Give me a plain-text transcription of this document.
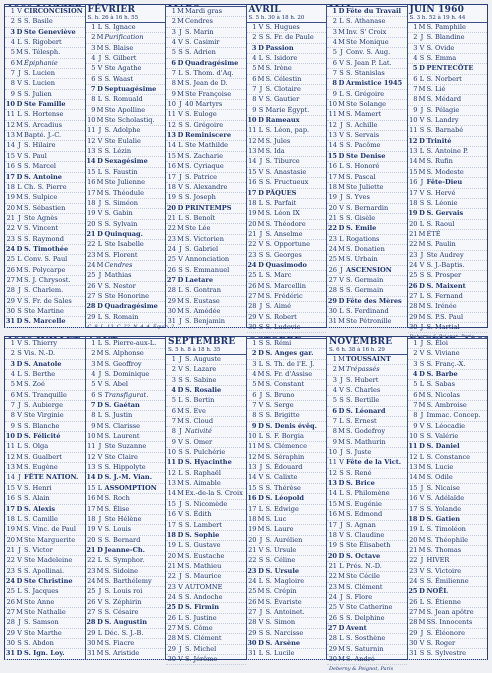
1 V CIRCONCISION
2 S S. Basile
3 D Ste Geneviève
4 L S. Rigobert
5 M S. Télesph.
6 M Épiphanie
7 J S. Lucien
8 V S. Lucien
9 S S. Julien
10 D Ste Famille
11 L S. Hortense
12 M S. Arcadius
13 M Bapté. J.-C.
14 J S. Hilaire
15 V S. Paul
16 S S. Marcel
17 D S. Antoine
18 L Ch. S. Pierre
19 M S. Sulpice
20 M S. Sébastien
21 J Ste Agnès
22 V S. Vincent
23 S S. Raymond
24 D S. Timothée
25 L Conv. S. Paul
26 M S. Polycarpe
27 M S. J. Chrysost.
28 J S. Charlem.
29 V S. Fr. de Sales
30 S Ste Martine
31 D S. Marcelle
FÉVRIER
S. h. 26 à 16 h. 55
1 L S. Ignace
2 M Purification
3 M S. Blaise
4 J S. Gilbert
5 V Ste Agathe
6 S S. Waast
7 D Septuagésime
8 L S. Romuald
9 M Ste Apolline
10 M Ste Scholastiq.
11 J S. Adolphe
12 V Ste Eulalie
13 S S. Lézin
14 D Sexagésime
15 L S. Faustin
16 M Ste Julienne
17 M S. Théodule
18 J S. Siméon
19 V S. Gabin
20 S S. Sylvain
21 D Quinquag.
22 L Ste Isabelle
23 M S. Florent
24 M Cendres
25 J Mathias
26 V S. Nestor
27 S Ste Honorine
28 D Quadragésime
29 L S. Romain
C. 9. L. 13. C. 22. N. 4. 4. Équin. 2
1 M Mardi gras
2 M Cendres
3 J S. Marin
4 V S. Casimir
5 S S. Adrien
6 D Quadragésime
7 L S. Thom. d'Aq.
8 M S. Jean de D.
9 M Ste Françoise
10 J 40 Martyrs
11 V S. Euloge
12 S S. Grégoire
13 D Reminiscere
14 L Ste Mathilde
15 M S. Zacharie
16 M S. Cyriaque
17 J S. Patrice
18 V S. Alexandre
19 S S. Joseph
20 D PRINTEMPS
21 L S. Benoît
22 M Ste Lée
23 M S. Victorien
24 J S. Gabriel
25 V Annonciation
26 S S. Emmanuel
27 D Laetare
28 L S. Gontran
29 M S. Eustase
30 M S. Amédée
31 J S. Benjamin
AVRIL
S. 5 h. 30 à 18 h. 20
1 V S. Hugues
2 S S. Fr. de Paule
3 D Passion
4 L S. Isidore
5 M S. Irène
6 M S. Célestin
7 J S. Clotaire
8 V S. Gautier
9 S Marie Égypt.
10 D Rameaux
11 L S. Léon, pap.
12 M S. Jules
13 M S. Ida
14 J S. Tiburce
15 V S. Anastasie
16 S S. Fructueux
17 D PÂQUES
18 L S. Parfait
19 M S. Léon IX
20 M S. Théodore
21 J S. Anselme
22 V S. Opportune
23 S S. Georges
24 D Quasimodo
25 L S. Marc
26 M S. Marcellin
27 M S. Frédéric
28 J S. Aimé
29 V S. Robert
30 S S. Ludovic
1 D Fête du Travail
2 L S. Athanase
3 M Inv. S' Croix
4 M Ste Monique
5 J Conv. S. Aug.
6 V S. Jean P. Lat.
7 S S. Stanislas
8 D Armistice 1945
9 L S. Grégoire
10 M Ste Solange
11 M S. Mamert
12 J S. Achille
13 V S. Servais
14 S S. Pacôme
15 D Ste Denise
16 L S. Honoré
17 M S. Pascal
18 M Ste Juliette
19 J S. Yves
20 V S. Bernardin
21 S S. Gisèle
22 D S. Emile
23 L Rogations
24 M S. Donatien
25 M S. Urbain
26 J ASCENSION
27 V S. Germain
28 S S. Germain
29 D Fête des Mères
30 L S. Ferdinand
31 M Ste Pétronille
JUIN 1960
S. 3 h. 52 à 19 h. 44
1 M S. Pamphile
2 J S. Blandine
3 V S. Ovide
4 S S. Emma
5 D PENTECÔTE
6 L S. Norbert
7 M S. Lié
8 M S. Médard
9 J S. Pélagie
10 V S. Landry
11 S S. Barnabé
12 D Trinité
13 L S. Antoine P.
14 M S. Rufin
15 M S. Modeste
16 J Fête-Dieu
17 V S. Hervé
18 S S. Léonie
19 D S. Gervais
20 L S. Raoul
21 M ÉTÉ
22 M S. Paulin
23 J Ste Audrey
24 V S. J.-Baptis.
25 S S. Prosper
26 D S. Maixent
27 L S. Fernand
28 M S. Irénée
29 M S. P.S. Paul
30 J S. Martial
1 V S. Thierry
2 S Vis. N.-D.
3 D S. Anatole
4 L S. Berthe
5 M S. Zoé
6 M S. Tranquille
7 J S. Aubierge
8 V Ste Virginie
9 S S. Blanche
10 D S. Félicité
11 L S. Olga
12 M S. Gualbert
13 M S. Eugène
14 J FÊTE NATION.
15 V S. Henri
16 S S. Alain
17 D S. Alexis
18 L S. Camille
19 M S. Vinc. de Paul
20 M Ste Marguerite
21 J S. Victor
22 V Ste Madeleine
23 S S. Apollinai.
24 D Ste Christine
25 L S. Jacques
26 M Ste Anne
27 M Ste Nathalie
28 J S. Samson
29 V Ste Marthe
30 S S. Abdon
31 D S. Ign. Loy.
1 L S. Pierre-aux-L.
2 M S. Alphonse
3 M S. Geoffroy
4 J S. Dominique
5 V S. Abel
6 S Transfigurat.
7 D S. Gaétan
8 L S. Justin
9 M S. Clarisse
10 M S. Laurent
11 J Ste Suzanne
12 V Ste Claire
13 S S. Hippolyte
14 D S. J.-M. Vian.
15 L ASSOMPTION
16 M S. Roch
17 M S. Élise
18 J Ste Hélène
19 V S. Louis
20 S S. Bernard
21 D Jeanne-Ch.
22 L S. Symphor.
23 M S. Sidoine
24 M S. Barthélemy
25 J S. Louis roi
26 V S. Zéphirin
27 S S. Césaire
28 D S. Augustin
29 L Déc. S. J.-B.
30 M S. Fiacre
31 M S. Aristide
SEPTEMBRE
S. 5 h. 8 à 18 h. 35
1 J S. Auguste
2 V S. Lazare
3 S S. Sabine
4 D S. Rosalie
5 L S. Bertin
6 M S. Eve
7 M S. Cloud
8 J Nativité
9 V S. Omer
10 S S. Pulchérie
11 D S. Hyacinthe
12 L S. Raphaël
13 M S. Aimable
14 M Ex.-de-la S. Croix
15 J S. Nicomède
16 V S. Édith
17 S S. Lambert
18 D S. Sophie
19 L S. Gustave
20 M S. Eustache
21 M S. Mathieu
22 J S. Maurice
23 V AUTOMNE
24 S S. Andoche
25 D S. Firmin
26 L S. Justine
27 M S. Côme
28 M S. Clément
29 J S. Michel
30 V S. Jérôme
1 S S. Rémi
2 D S. Anges gar.
3 L S. Th. de l'E. J.
4 M S. Fr. d'Assise
5 M S. Constant
6 J S. Bruno
7 V S. Serge
8 S S. Brigitte
9 D S. Denis évêq.
10 L S. F. Borgia
11 M S. Clémence
12 M S. Séraphin
13 J S. Édouard
14 V S. Calixte
15 S S. Thérèse
16 D S. Léopold
17 L S. Edwige
18 M S. Luc
19 M S. Laure
20 J S. Aurélien
21 V S. Ursule
22 S S. Céline
23 D S. Ursule
24 L S. Magloire
25 M S. Crépin
26 M S. Évariste
27 J S. Antoinet.
28 V S. Simon
29 S S. Narcisse
30 D S. Arsène
31 L S. Lucile
NOVEMBRE
S. 6 h. 38 à 16 h. 29
1 M TOUSSAINT
2 M Trépassés
3 J S. Hubert
4 V S. Charles
5 S S. Bertille
6 D S. Léonard
7 L S. Ernest
8 M S. Godefroy
9 M S. Mathurin
10 J S. Juste
11 V Fête de la Vict.
12 S S. René
13 D S. Brice
14 L S. Philomène
15 M S. Eugénie
16 M S. Edmond
17 J S. Agnan
18 V S. Claudine
19 S Ste Élisabeth
20 D S. Octave
21 L Prés. N.-D.
22 M Ste Cécile
23 M S. Clément
24 J S. Flore
25 V Ste Catherine
26 S S. Delphine
27 D Avent
28 L S. Sosthène
29 M S. Saturnin
30 M S. André
Deberny & Peignot, Paris
1 J S. Éloi
2 V S. Viviane
3 S S. Franç.-X.
4 D S. Barbe
5 L S. Sabas
6 M S. Nicolas
7 M S. Ambroise
8 J Immac. Concep.
9 V S. Léocadie
10 S S. Valérie
11 D S. Daniel
12 L S. Constance
13 M S. Lucie
14 M S. Odile
15 J S. Nicaise
16 V S. Adélaïde
17 S S. Yolande
18 D S. Gatien
19 L S. Timoléon
20 M S. Théophile
21 M S. Thomas
22 J HIVER
23 V S. Victoire
24 S S. Émilienne
25 D NOËL
26 L S. Étienne
27 M S. Jean apôtre
28 M SS. Innocents
29 J S. Éléonore
30 V S. Roger
31 S S. Sylvestre
